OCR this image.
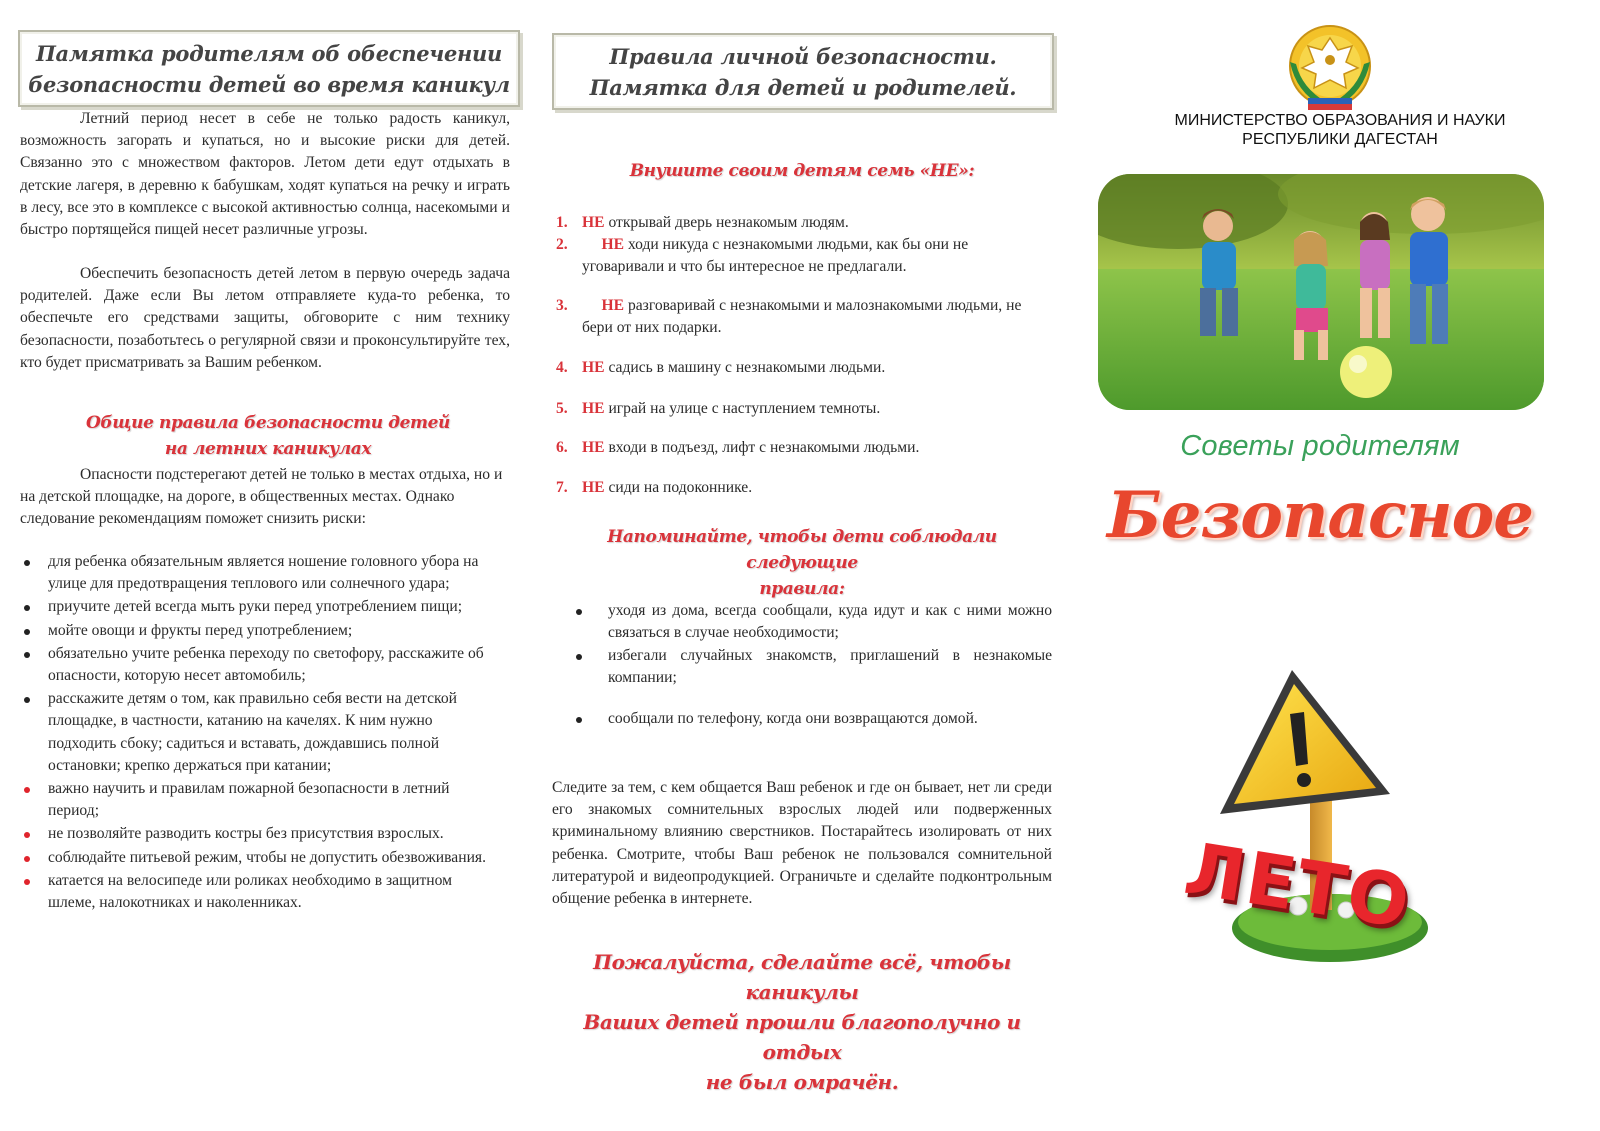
Памятка родителям об обеспечении
безопасности детей во время каникул

Летний период несет в себе не только радость каникул, возможность загорать и купаться, но и высокие риски для детей. Связанно это с множеством факторов. Летом дети едут отдыхать в детские лагеря, в деревню к бабушкам, ходят купаться на речку и играть в лесу, все это в комплексе с высокой активностью солнца, насекомыми и быстро портящейся пищей несет различные угрозы.

Обеспечить безопасность детей летом в первую очередь задача родителей. Даже если Вы летом отправляете куда-то ребенка, то обеспечьте его средствами защиты, обговорите с ним технику безопасности, позаботьтесь о регулярной связи и проконсультируйте тех, кто будет присматривать за Вашим ребенком.

Общие правила безопасности детей
на летних каникулах

Опасности подстерегают детей не только в местах отдыха, но и на детской площадке, на дороге, в общественных местах. Однако следование рекомендациям поможет снизить риски:

для ребенка обязательным является ношение головного убора на улице для предотвращения теплового или солнечного удара;
приучите детей всегда мыть руки перед употреблением пищи;
мойте овощи и фрукты перед употреблением;
обязательно учите ребенка переходу по светофору, расскажите об опасности, которую несет автомобиль;
расскажите детям о том, как правильно себя вести на детской площадке, в частности, катанию на качелях. К ним нужно подходить сбоку; садиться и вставать, дождавшись полной остановки; крепко держаться при катании;
важно научить и правилам пожарной безопасности в летний период;
не позволяйте разводить костры без присутствия взрослых.
соблюдайте питьевой режим, чтобы не допустить обезвоживания.
катается на велосипеде или роликах необходимо в защитном шлеме, налокотниках и наколенниках.
Правила личной безопасности.
Памятка для детей и родителей.
Внушите своим детям семь «НЕ»:
1. НЕ открывай дверь незнакомым людям.
2. НЕ ходи никуда с незнакомыми людьми, как бы они не уговаривали и что бы интересное не предлагали.
3. НЕ разговаривай с незнакомыми и малознакомыми людьми, не бери от них подарки.
4. НЕ садись в машину с незнакомыми людьми.
5. НЕ играй на улице с наступлением темноты.
6. НЕ входи в подъезд, лифт с незнакомыми людьми.
7. НЕ сиди на подоконнике.
Напоминайте, чтобы дети соблюдали следующие
правила:
уходя из дома, всегда сообщали, куда идут и как с ними можно связаться в случае необходимости;
избегали случайных знакомств, приглашений в незнакомые компании;
сообщали по телефону, когда они возвращаются домой.

Следите за тем, с кем общается Ваш ребенок и где он бывает, нет ли среди его знакомых сомнительных взрослых людей или подверженных криминальному влиянию сверстников. Постарайтесь изолировать от них ребенка. Смотрите, чтобы Ваш ребенок не пользовался сомнительной литературой и видеопродукцией. Ограничьте и сделайте подконтрольным общение ребенка в интернете.

Пожалуйста, сделайте всё, чтобы каникулы
Ваших детей прошли благополучно и отдых
не был омрачён.
МИНИСТЕРСТВО ОБРАЗОВАНИЯ И НАУКИ
РЕСПУБЛИКИ ДАГЕСТАН
Советы родителям
Безопасное
ЛЕТО
